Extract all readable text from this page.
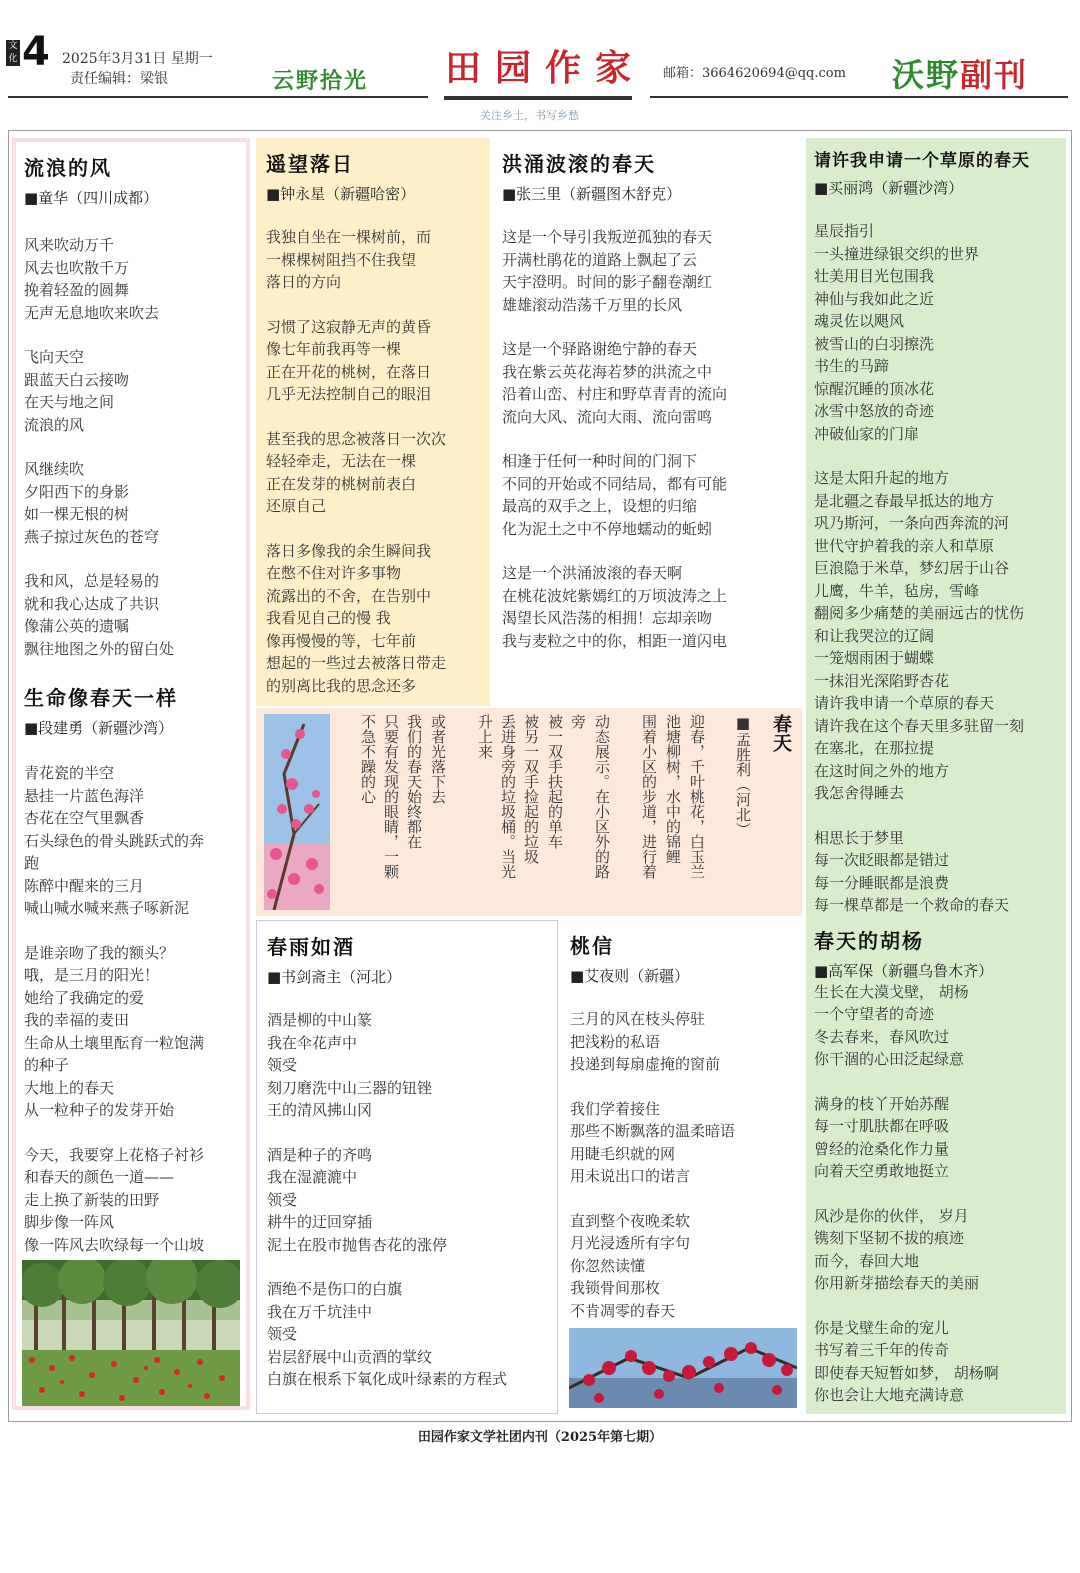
文化 4 2025年3月31日 星期一
责任编辑：梁银	云野拾光 田园作家 邮箱：3664620694@qq.com 沃野副刊
关注乡土，书写乡愁
流浪的风
■童华（四川成都）
风来吹动万千
风去也吹散千万
挽着轻盈的圆舞
无声无息地吹来吹去
飞向天空
跟蓝天白云接吻
在天与地之间
流浪的风
风继续吹
夕阳西下的身影
如一棵无根的树
燕子掠过灰色的苍穹
我和风，总是轻易的
就和我心达成了共识
像蒲公英的遗嘱
飘往地图之外的留白处
生命像春天一样
■段建勇（新疆沙湾）
青花瓷的半空
悬挂一片蓝色海洋
杏花在空气里飘香
石头绿色的骨头跳跃式的奔
跑
陈醉中醒来的三月
喊山喊水喊来燕子啄新泥
是谁亲吻了我的额头？
哦，是三月的阳光！
她给了我确定的爱
我的幸福的麦田
生命从土壤里酝育一粒饱满
的种子
大地上的春天
从一粒种子的发芽开始
今天，我要穿上花格子衬衫
和春天的颜色一道——
走上换了新装的田野
脚步像一阵风
像一阵风去吹绿每一个山坡
遥望落日
■钟永星（新疆哈密）
我独自坐在一棵树前，而
一棵棵树阻挡不住我望
落日的方向
习惯了这寂静无声的黄昏
像七年前我再等一棵
正在开花的桃树，在落日
几乎无法控制自己的眼泪
甚至我的思念被落日一次次
轻轻牵走，无法在一棵
正在发芽的桃树前表白
还原自己
落日多像我的余生瞬间我
在憋不住对许多事物
流露出的不舍，在告别中
我看见自己的慢 我
像再慢慢的等，七年前
想起的一些过去被落日带走
的别离比我的思念还多
洪涌波滚的春天
■张三里（新疆图木舒克）
这是一个导引我叛逆孤独的春天
开满杜鹃花的道路上飘起了云
天宇澄明。时间的影子翻卷潮红
雄雄滚动浩荡千万里的长风
这是一个驿路谢绝宁静的春天
我在紫云英花海若梦的洪流之中
沿着山峦、村庄和野草青青的流向
流向大风、流向大雨、流向雷鸣
相逢于任何一种时间的门洞下
不同的开始或不同结局，都有可能
最高的双手之上，设想的归缩
化为泥土之中不停地蠕动的蚯蚓
这是一个洪涌波滚的春天啊
在桃花波姹紫嫣红的万顷波涛之上
渴望长风浩荡的相拥！忘却亲吻
我与麦粒之中的你，相距一道闪电
春天
■孟胜利（河北）
迎春，千叶桃花，白玉兰
池塘柳树，水中的锦鲤
围着小区的步道，进行着
动态展示。在小区外的路
旁
被一双手扶起的单车
被另一双手捡起的垃圾
丢进身旁的垃圾桶。当光
升上来
或者光落下去
我们的春天始终都在
只要有发现的眼睛，一颗
不急不躁的心
春雨如酒
■书剑斋主（河北）
酒是柳的中山篆
我在伞花声中
领受
刻刀磨洗中山三器的钮锉
王的清风拂山冈
酒是种子的齐鸣
我在湿漉漉中
领受
耕牛的迂回穿插
泥土在股市抛售杏花的涨停
酒绝不是伤口的白旗
我在万千坑洼中
领受
岩层舒展中山贡酒的掌纹
白旗在根系下氧化成叶绿素的方程式
桃信
■艾夜则（新疆）
三月的风在枝头停驻
把浅粉的私语
投递到每扇虚掩的窗前
我们学着接住
那些不断飘落的温柔暗语
用睫毛织就的网
用未说出口的诺言
直到整个夜晚柔软
月光浸透所有字句
你忽然读懂
我锁骨间那枚
不肯凋零的春天
请许我申请一个草原的春天
■买丽鸿（新疆沙湾）
星辰指引
一头撞进绿银交织的世界
壮美用目光包围我
神仙与我如此之近
魂灵佐以飓风
被雪山的白羽擦洗
书生的马蹄
惊醒沉睡的顶冰花
冰雪中怒放的奇迹
冲破仙家的门扉
这是太阳升起的地方
是北疆之春最早抵达的地方
巩乃斯河，一条向西奔流的河
世代守护着我的亲人和草原
巨浪隐于米草，梦幻居于山谷
儿鹰，牛羊，毡房，雪峰
翻阅多少痛楚的美丽远古的忧伤
和让我哭泣的辽阔
一笼烟雨困于蝴蝶
一抹泪光深陷野杏花
请许我申请一个草原的春天
请许我在这个春天里多驻留一刻
在塞北，在那拉提
在这时间之外的地方
我怎舍得睡去
相思长于梦里
每一次眨眼都是错过
每一分睡眠都是浪费
每一棵草都是一个救命的春天
春天的胡杨
■高军保（新疆乌鲁木齐）
生长在大漠戈壁， 胡杨
一个守望者的奇迹
冬去春来，春风吹过
你干涸的心田泛起绿意
满身的枝丫开始苏醒
每一寸肌肤都在呼吸
曾经的沧桑化作力量
向着天空勇敢地挺立
风沙是你的伙伴， 岁月
镌刻下坚韧不拔的痕迹
而今，春回大地
你用新芽描绘春天的美丽
你是戈壁生命的宠儿
书写着三千年的传奇
即使春天短暂如梦， 胡杨啊
你也会让大地充满诗意
田园作家文学社团内刊（2025年第七期）
